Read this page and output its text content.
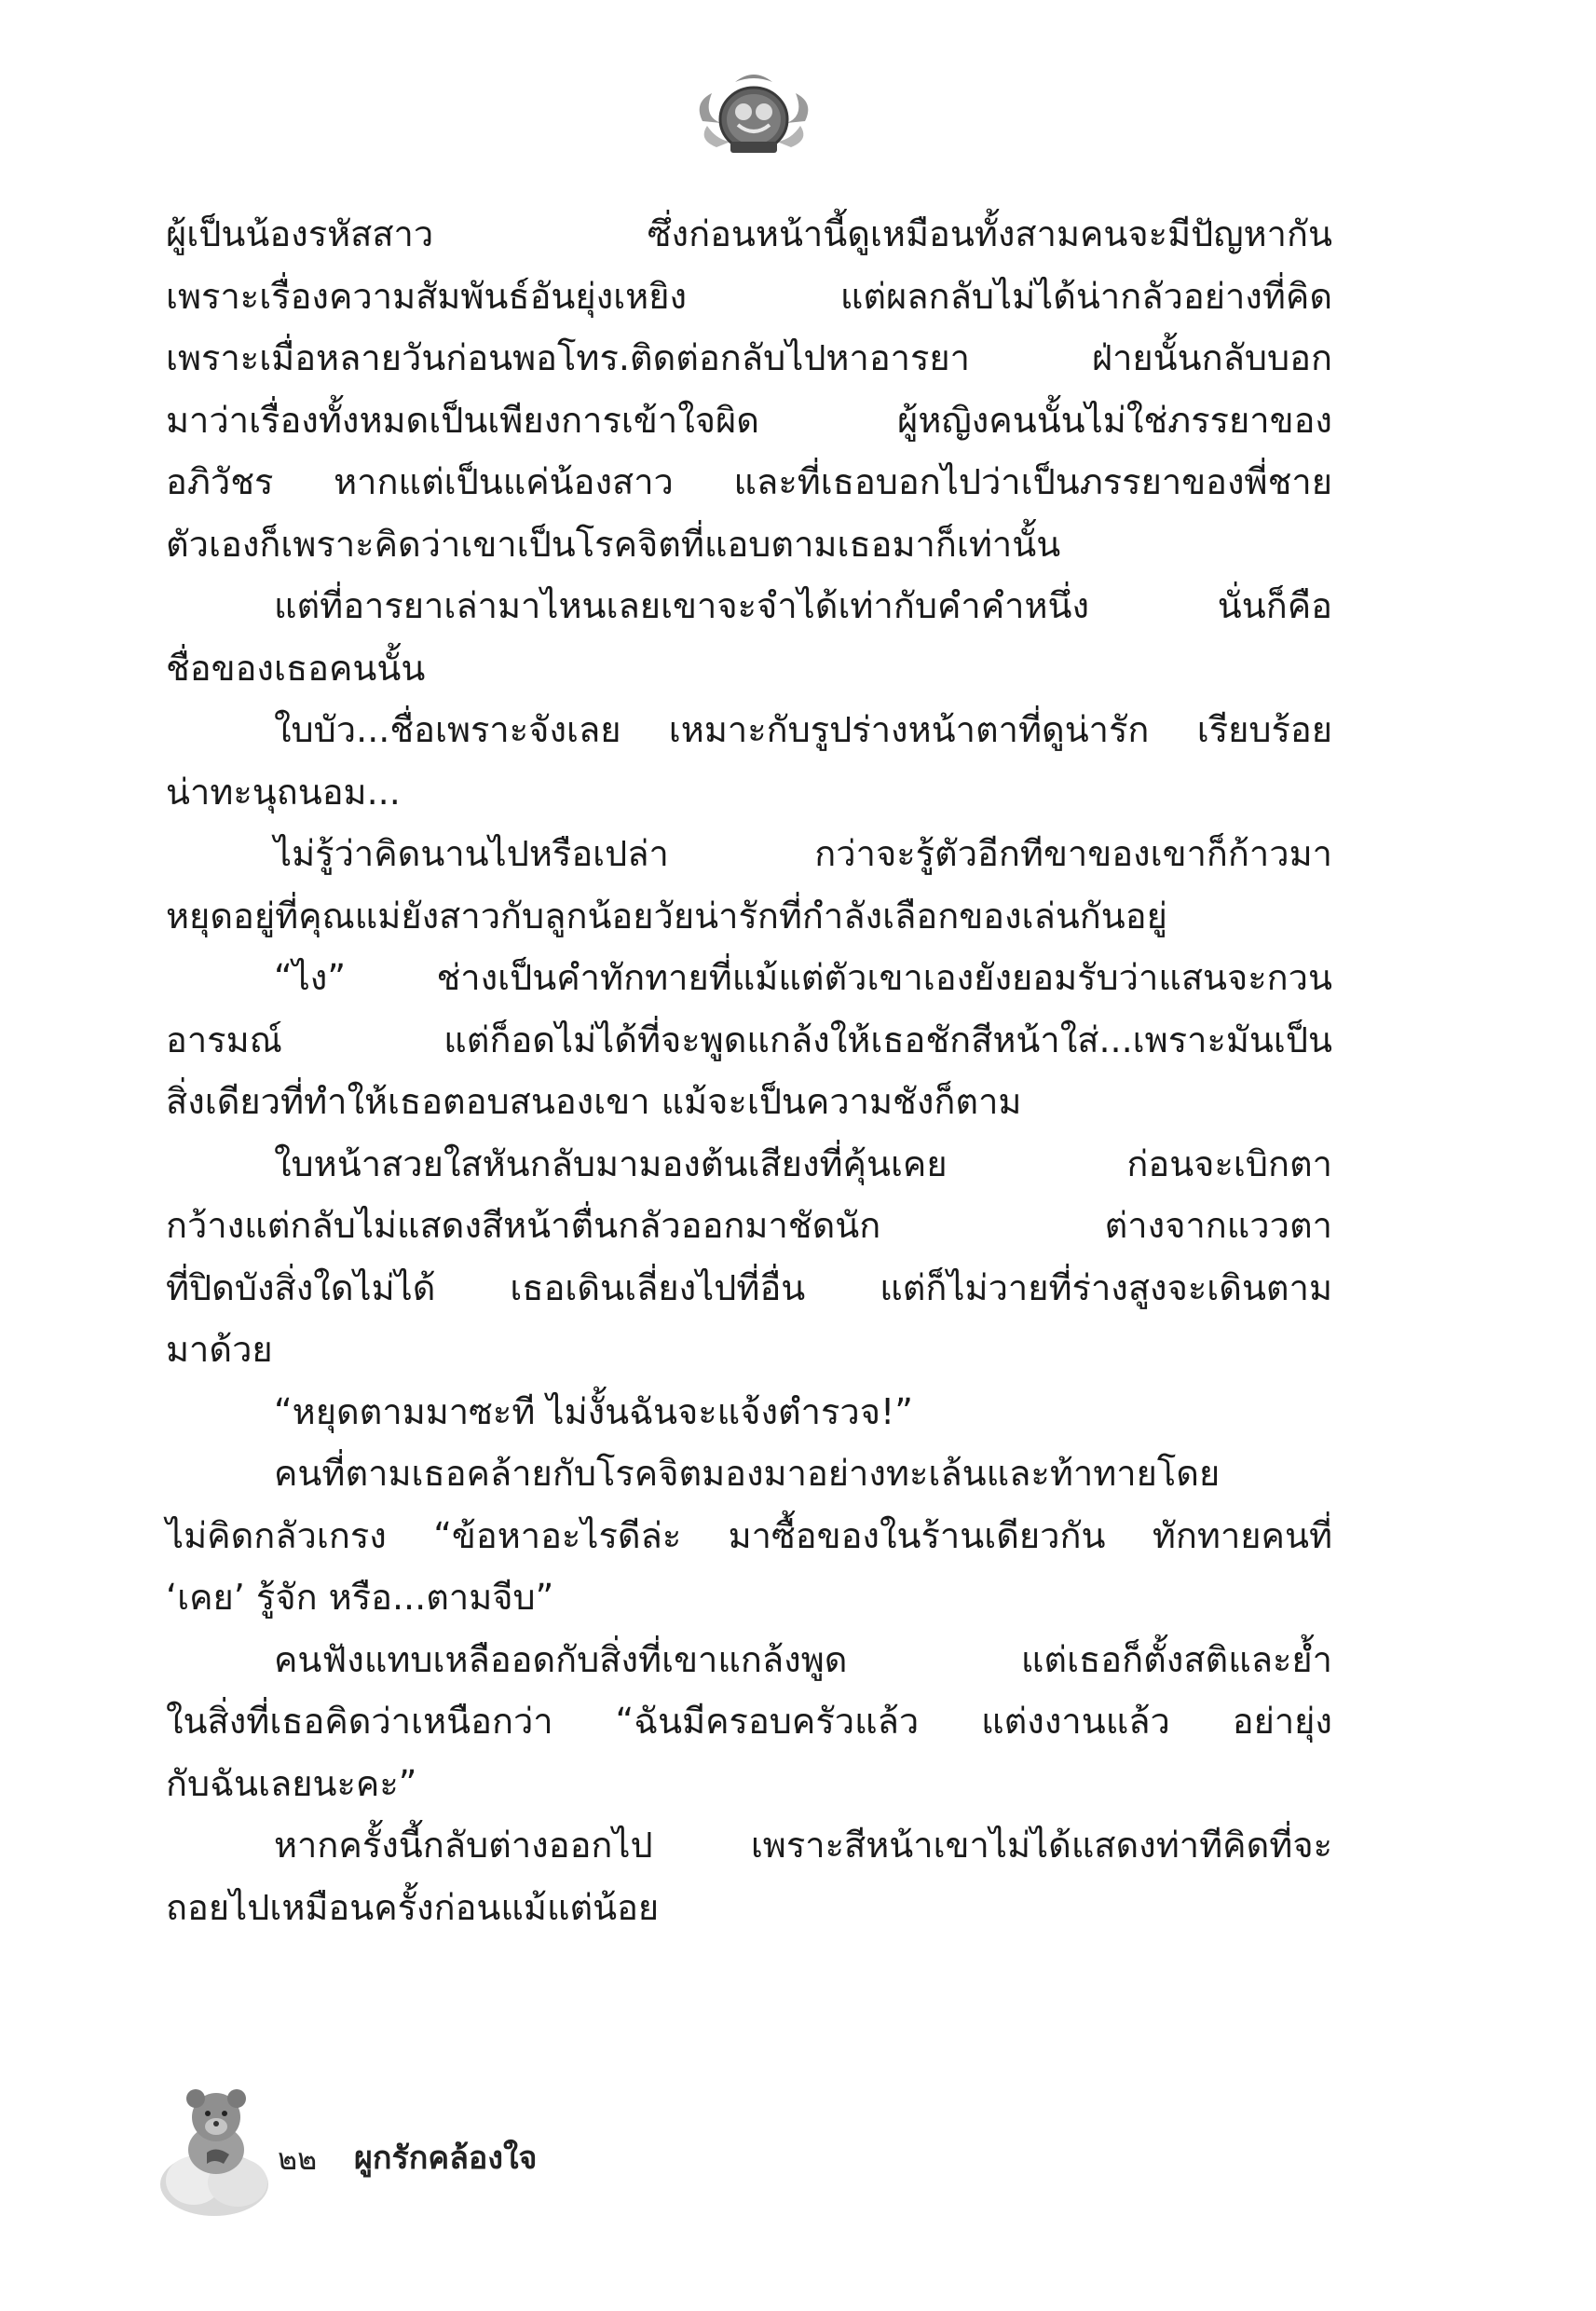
ผู้เป็นน้องรหัสสาว ซึ่งก่อนหน้านี้ดูเหมือนทั้งสามคนจะมีปัญหากัน
เพราะเรื่องความสัมพันธ์อันยุ่งเหยิง แต่ผลกลับไม่ได้น่ากลัวอย่างที่คิด
เพราะเมื่อหลายวันก่อนพอโทร.ติดต่อกลับไปหาอารยา ฝ่ายนั้นกลับบอก
มาว่าเรื่องทั้งหมดเป็นเพียงการเข้าใจผิด ผู้หญิงคนนั้นไม่ใช่ภรรยาของ
อภิวัชร หากแต่เป็นแค่น้องสาว และที่เธอบอกไปว่าเป็นภรรยาของพี่ชาย
ตัวเองก็เพราะคิดว่าเขาเป็นโรคจิตที่แอบตามเธอมาก็เท่านั้น
แต่ที่อารยาเล่ามาไหนเลยเขาจะจำได้เท่ากับคำคำหนึ่ง นั่นก็คือ
ชื่อของเธอคนนั้น
ใบบัว...ชื่อเพราะจังเลย เหมาะกับรูปร่างหน้าตาที่ดูน่ารัก เรียบร้อย
น่าทะนุถนอม...
ไม่รู้ว่าคิดนานไปหรือเปล่า กว่าจะรู้ตัวอีกทีขาของเขาก็ก้าวมา
หยุดอยู่ที่คุณแม่ยังสาวกับลูกน้อยวัยน่ารักที่กำลังเลือกของเล่นกันอยู่
“ไง” ช่างเป็นคำทักทายที่แม้แต่ตัวเขาเองยังยอมรับว่าแสนจะกวน
อารมณ์ แต่ก็อดไม่ได้ที่จะพูดแกล้งให้เธอชักสีหน้าใส่...เพราะมันเป็น
สิ่งเดียวที่ทำให้เธอตอบสนองเขา แม้จะเป็นความชังก็ตาม
ใบหน้าสวยใสหันกลับมามองต้นเสียงที่คุ้นเคย ก่อนจะเบิกตา
กว้างแต่กลับไม่แสดงสีหน้าตื่นกลัวออกมาชัดนัก ต่างจากแววตา
ที่ปิดบังสิ่งใดไม่ได้ เธอเดินเลี่ยงไปที่อื่น แต่ก็ไม่วายที่ร่างสูงจะเดินตาม
มาด้วย
“หยุดตามมาซะที ไม่งั้นฉันจะแจ้งตำรวจ!”
คนที่ตามเธอคล้ายกับโรคจิตมองมาอย่างทะเล้นและท้าทายโดย
ไม่คิดกลัวเกรง “ข้อหาอะไรดีล่ะ มาซื้อของในร้านเดียวกัน ทักทายคนที่
‘เคย’ รู้จัก หรือ...ตามจีบ”
คนฟังแทบเหลืออดกับสิ่งที่เขาแกล้งพูด แต่เธอก็ตั้งสติและย้ำ
ในสิ่งที่เธอคิดว่าเหนือกว่า “ฉันมีครอบครัวแล้ว แต่งงานแล้ว อย่ายุ่ง
กับฉันเลยนะคะ”
หากครั้งนี้กลับต่างออกไป เพราะสีหน้าเขาไม่ได้แสดงท่าทีคิดที่จะ
ถอยไปเหมือนครั้งก่อนแม้แต่น้อย
๒๒ ผูกรักคล้องใจ
